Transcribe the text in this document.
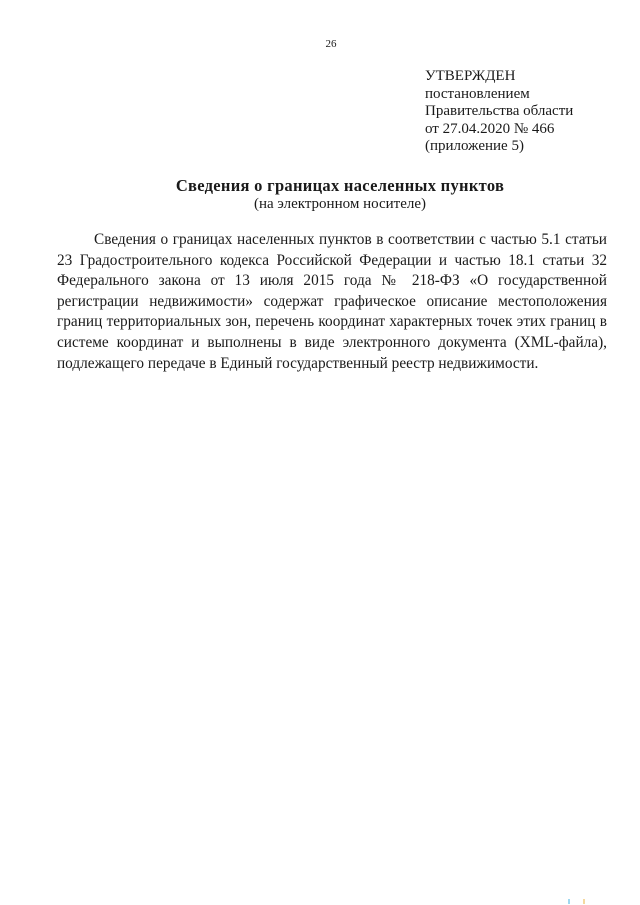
26
УТВЕРЖДЕН
постановлением
Правительства области
от 27.04.2020 № 466
(приложение 5)
Сведения о границах населенных пунктов
(на электронном носителе)
Сведения о границах населенных пунктов в соответствии с частью 5.1 статьи
23 Градостроительного кодекса Российской Федерации и частью 18.1 статьи 32
Федерального закона от 13 июля 2015 года № 218-ФЗ «О государственной
регистрации недвижимости» содержат графическое описание местоположения
границ территориальных зон, перечень координат характерных точек этих границ в
системе координат и выполнены в виде электронного документа (XML-файла),
подлежащего передаче в Единый государственный реестр недвижимости.
